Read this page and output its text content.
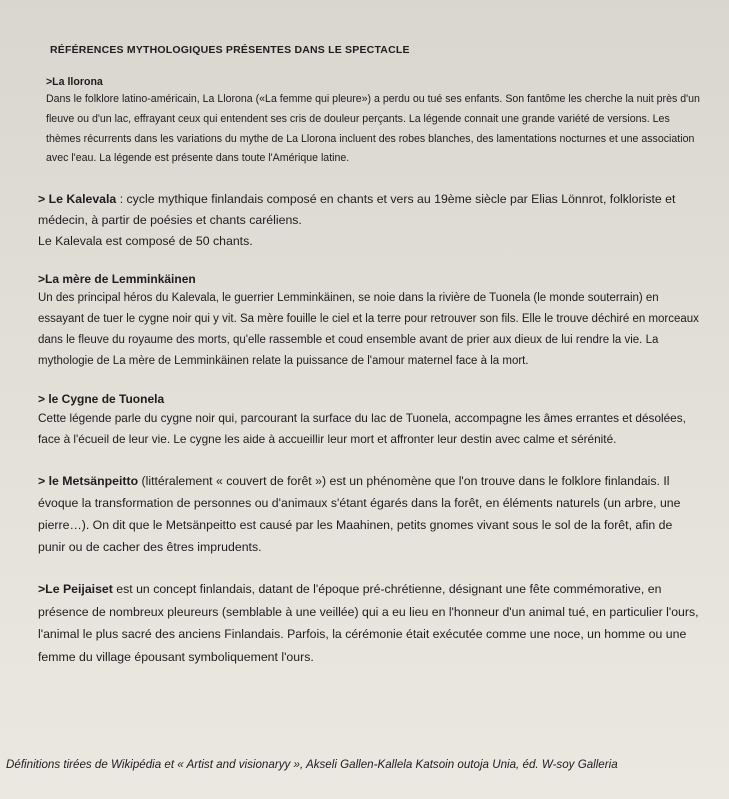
RÉFÉRENCES MYTHOLOGIQUES PRÉSENTES DANS LE SPECTACLE
>La llorona

Dans le folklore latino-américain, La Llorona («La femme qui pleure») a perdu ou tué ses enfants. Son fantôme les cherche la nuit près d'un fleuve ou d'un lac, effrayant ceux qui entendent ses cris de douleur perçants. La légende connait une grande variété de versions. Les thèmes récurrents dans les variations du mythe de La Llorona incluent des robes blanches, des lamentations nocturnes et une association avec l'eau. La légende est présente dans toute l'Amérique latine.

> Le Kalevala : cycle mythique finlandais composé en chants et vers au 19ème siècle par Elias Lönnrot, folkloriste et médecin, à partir de poésies et chants caréliens.

Le Kalevala est composé de 50 chants.

>La mère de Lemminkäinen

Un des principal héros du Kalevala, le guerrier Lemminkäinen, se noie dans la rivière de Tuonela (le monde souterrain) en essayant de tuer le cygne noir qui y vit. Sa mère fouille le ciel et la terre pour retrouver son fils. Elle le trouve déchiré en morceaux dans le fleuve du royaume des morts, qu'elle rassemble et coud ensemble avant de prier aux dieux de lui rendre la vie. La mythologie de La mère de Lemminkäinen relate la puissance de l'amour maternel face à la mort.

> le Cygne de Tuonela

Cette légende parle du cygne noir qui, parcourant la surface du lac de Tuonela, accompagne les âmes errantes et désolées, face à l'écueil de leur vie. Le cygne les aide à accueillir leur mort et affronter leur destin avec calme et sérénité.

> le Metsänpeitto (littéralement « couvert de forêt ») est un phénomène que l'on trouve dans le folklore finlandais. Il évoque la transformation de personnes ou d'animaux s'étant égarés dans la forêt, en éléments naturels (un arbre, une pierre…). On dit que le Metsänpeitto est causé par les Maahinen, petits gnomes vivant sous le sol de la forêt, afin de punir ou de cacher des êtres imprudents.

>Le Peijaiset est un concept finlandais, datant de l'époque pré-chrétienne, désignant une fête commémorative, en présence de nombreux pleureurs (semblable à une veillée) qui a eu lieu en l'honneur d'un animal tué, en particulier l'ours, l'animal le plus sacré des anciens Finlandais. Parfois, la cérémonie était exécutée comme une noce, un homme ou une femme du village épousant symboliquement l'ours.

Définitions tirées de Wikipédia et « Artist and visionaryy », Akseli Gallen-Kallela Katsoin outoja Unia, éd. W-soy Galleria
